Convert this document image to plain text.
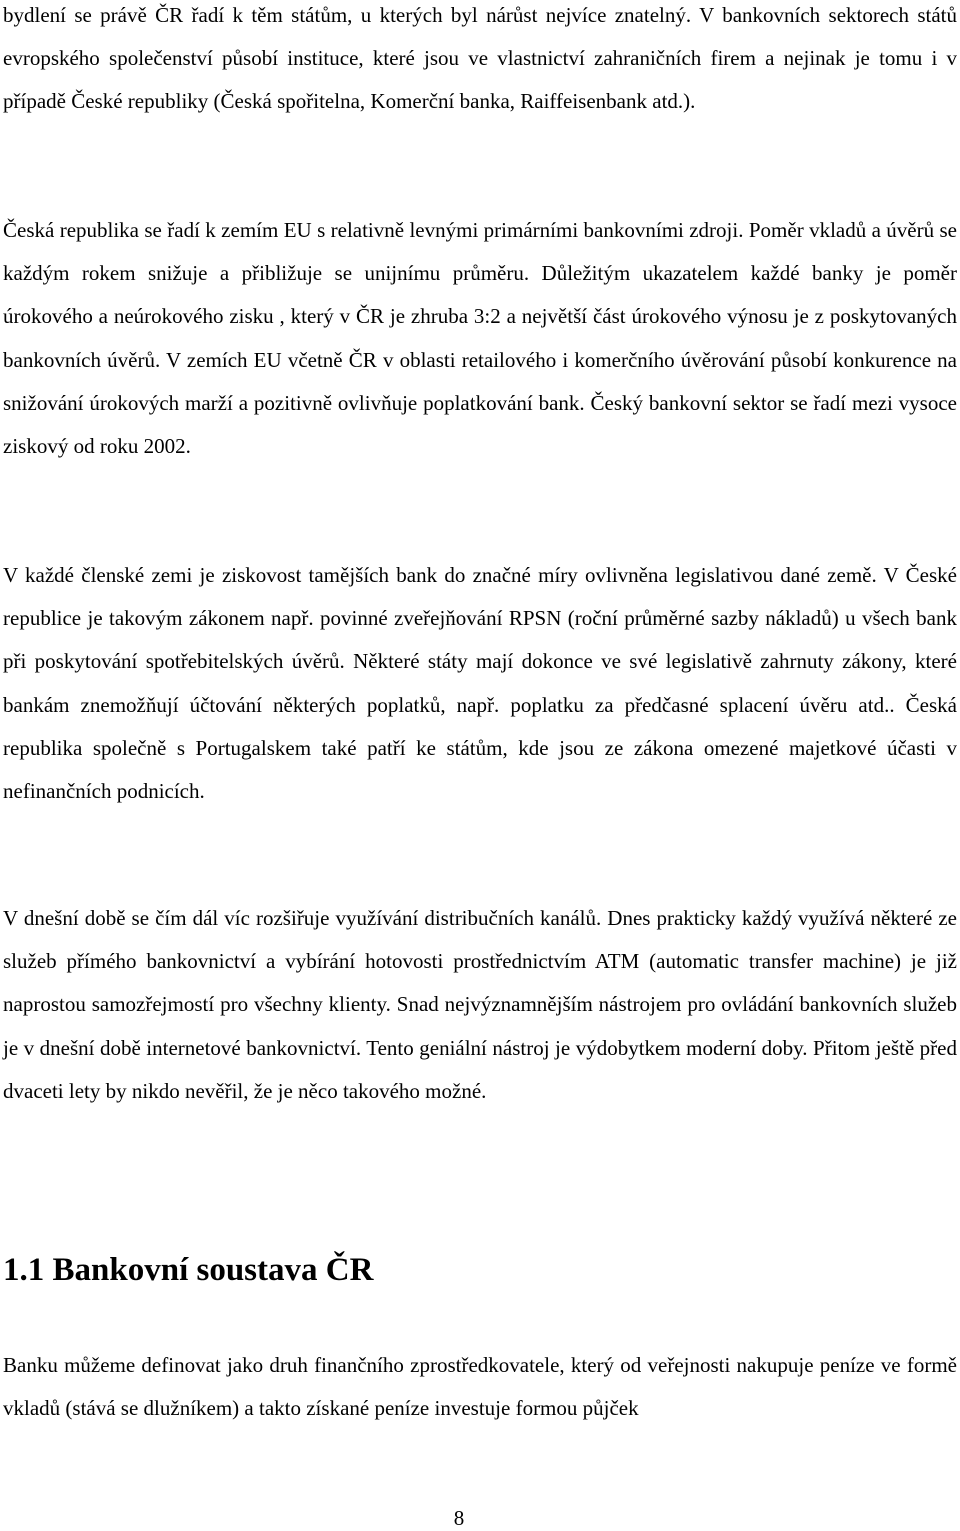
bydlení se právě ČR řadí k těm státům, u kterých byl nárůst nejvíce znatelný. V bankovních sektorech států evropského společenství působí instituce, které jsou ve vlastnictví zahraničních firem a nejinak je tomu i v případě České republiky (Česká spořitelna, Komerční banka, Raiffeisenbank atd.).

Česká republika se řadí k zemím EU s relativně levnými primárními bankovními zdroji. Poměr vkladů a úvěrů se každým rokem snižuje a přibližuje se unijnímu průměru. Důležitým ukazatelem každé banky je poměr úrokového a neúrokového zisku , který v ČR je zhruba 3:2 a největší část úrokového výnosu je z poskytovaných bankovních úvěrů. V zemích EU včetně ČR v oblasti retailového i komerčního úvěrování působí konkurence na snižování úrokových marží a pozitivně ovlivňuje poplatkování bank. Český bankovní sektor se řadí mezi vysoce ziskový od roku 2002.

V každé členské zemi je ziskovost tamějších bank do značné míry ovlivněna legislativou dané země. V České republice je takovým zákonem např. povinné zveřejňování RPSN (roční průměrné sazby nákladů) u všech bank při poskytování spotřebitelských úvěrů. Některé státy mají dokonce ve své legislativě zahrnuty zákony, které bankám znemožňují účtování některých poplatků, např. poplatku za předčasné splacení úvěru atd.. Česká republika společně s Portugalskem také patří ke státům, kde jsou ze zákona omezené majetkové účasti v nefinančních podnicích.

V dnešní době se čím dál víc rozšiřuje využívání distribučních kanálů. Dnes prakticky každý využívá některé ze služeb přímého bankovnictví a vybírání hotovosti prostřednictvím ATM (automatic transfer machine) je již naprostou samozřejmostí pro všechny klienty. Snad nejvýznamnějším nástrojem pro ovládání bankovních služeb je v dnešní době internetové bankovnictví. Tento geniální nástroj je výdobytkem moderní doby. Přitom ještě před dvaceti lety by nikdo nevěřil, že je něco takového možné.

1.1 Bankovní soustava ČR

Banku můžeme definovat jako druh finančního zprostředkovatele, který od veřejnosti nakupuje peníze ve formě vkladů (stává se dlužníkem) a takto získané peníze investuje formou půjček

8
